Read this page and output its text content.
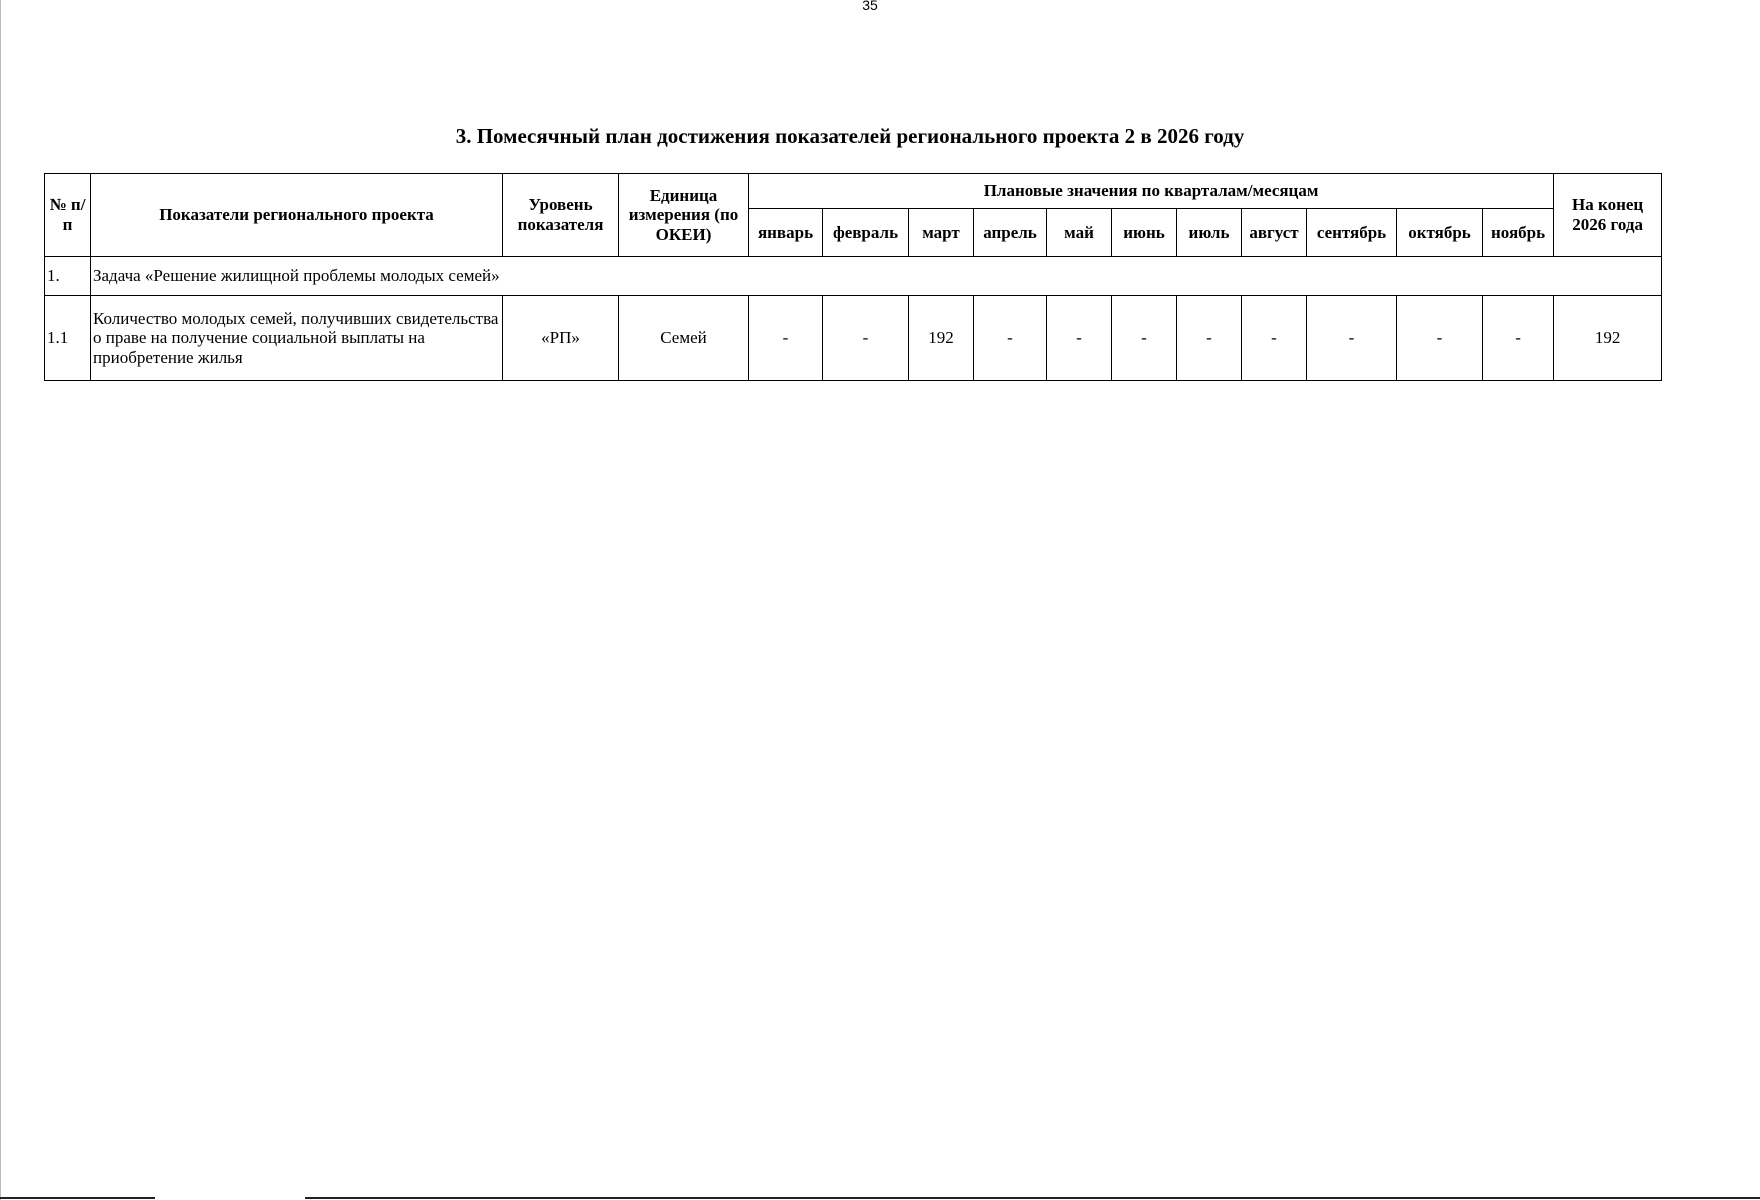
35
3. Помесячный план достижения показателей регионального проекта 2 в 2026 году
№ п/п	Показатели регионального проекта	Уровень показателя	Единица измерения (по ОКЕИ)	Плановые значения по кварталам/месяцам											На конец 2026 года
				январь	февраль	март	апрель	май	июнь	июль	август	сентябрь	октябрь	ноябрь	
1.	Задача «Решение жилищной проблемы молодых семей»														
1.1	Количество молодых семей, получивших свидетельства о праве на получение социальной выплаты на приобретение жилья	«РП»	Семей	-	-	192	-	-	-	-	-	-	-	-	192
